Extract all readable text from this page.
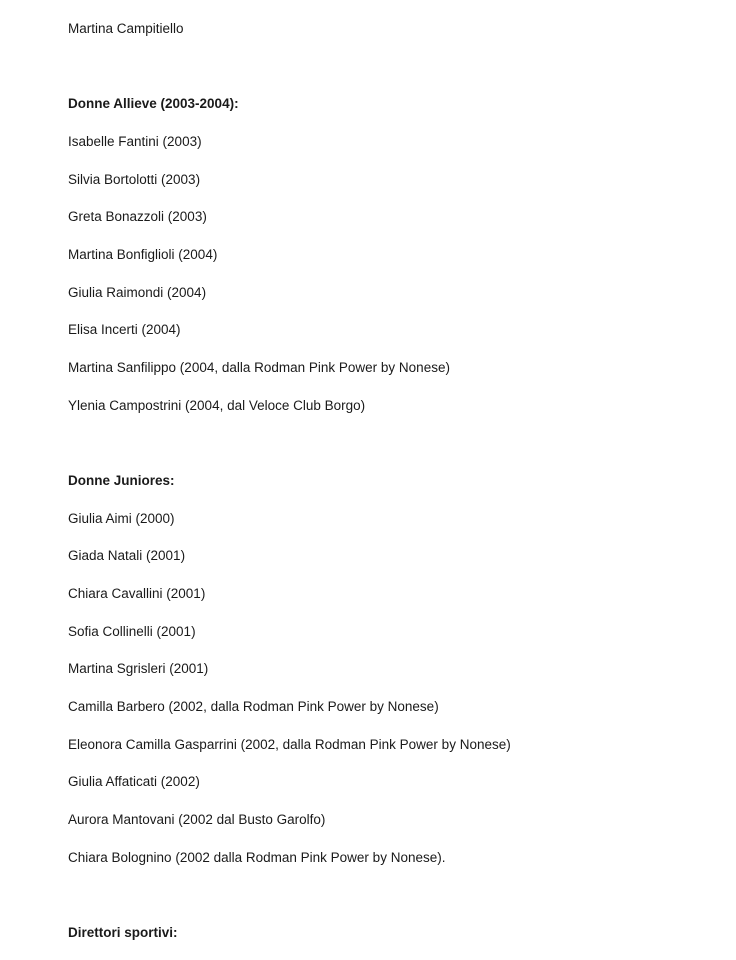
Martina Campitiello

Donne Allieve (2003-2004):

Isabelle Fantini (2003)

Silvia Bortolotti (2003)

Greta Bonazzoli (2003)

Martina Bonfiglioli (2004)

Giulia Raimondi (2004)

Elisa Incerti (2004)

Martina Sanfilippo (2004, dalla Rodman Pink Power by Nonese)

Ylenia Campostrini (2004, dal Veloce Club Borgo)

Donne Juniores:

Giulia Aimi (2000)

Giada Natali (2001)

Chiara Cavallini (2001)

Sofia Collinelli (2001)

Martina Sgrisleri (2001)

Camilla Barbero (2002, dalla Rodman Pink Power by Nonese)

Eleonora Camilla Gasparrini (2002, dalla Rodman Pink Power by Nonese)

Giulia Affaticati (2002)

Aurora Mantovani (2002 dal Busto Garolfo)

Chiara Bolognino (2002 dalla Rodman Pink Power by Nonese).

Direttori sportivi:
